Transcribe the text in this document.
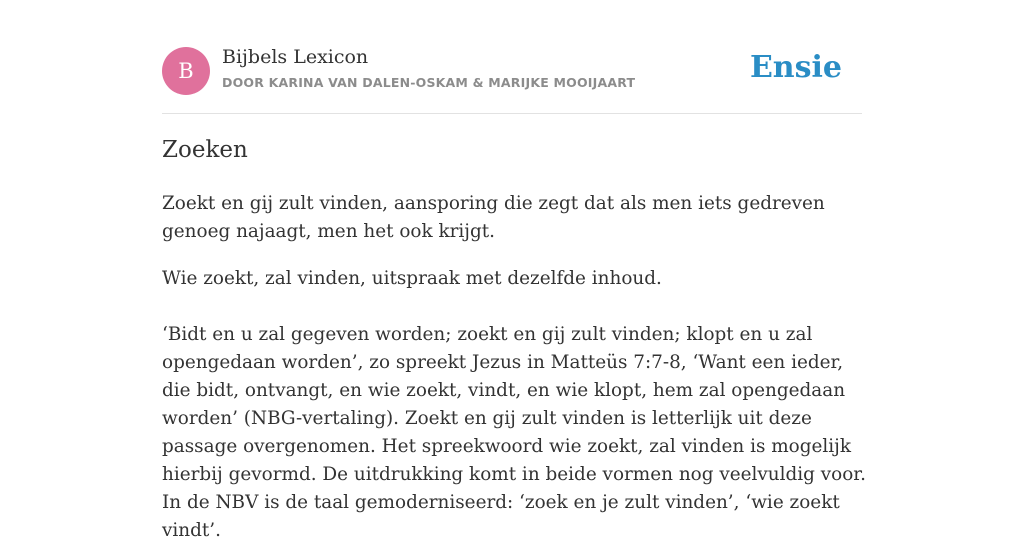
B
Bijbels Lexicon
DOOR KARINA VAN DALEN-OSKAM & MARIJKE MOOIJAART	Ensie
Zoeken

Zoekt en gij zult vinden, aansporing die zegt dat als men iets gedreven genoeg najaagt, men het ook krijgt.

Wie zoekt, zal vinden, uitspraak met dezelfde inhoud.

‘Bidt en u zal gegeven worden; zoekt en gij zult vinden; klopt en u zal opengedaan worden’, zo spreekt Jezus in Matteüs 7:7-8, ‘Want een ieder, die bidt, ontvangt, en wie zoekt, vindt, en wie klopt, hem zal opengedaan worden’ (NBG-vertaling). Zoekt en gij zult vinden is letterlijk uit deze passage overgenomen. Het spreekwoord wie zoekt, zal vinden is mogelijk hierbij gevormd. De uitdrukking komt in beide vormen nog veelvuldig voor. In de NBV is de taal gemoderniseerd: ‘zoek en je zult vinden’, ‘wie zoekt vindt’.
